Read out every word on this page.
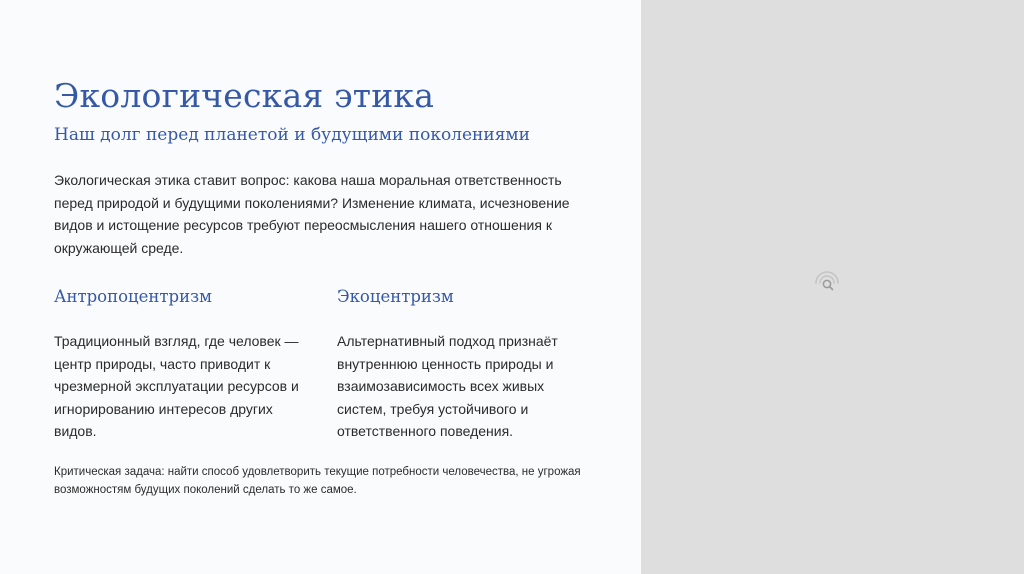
Экологическая этика
Наш долг перед планетой и будущими поколениями

Экологическая этика ставит вопрос: какова наша моральная ответственность перед природой и будущими поколениями? Изменение климата, исчезновение видов и истощение ресурсов требуют переосмысления нашего отношения к окружающей среде.

Антропоцентризм

Традиционный взгляд, где человек — центр природы, часто приводит к чрезмерной эксплуатации ресурсов и игнорированию интересов других видов.

Экоцентризм

Альтернативный подход признаёт внутреннюю ценность природы и взаимозависимость всех живых систем, требуя устойчивого и ответственного поведения.

Критическая задача: найти способ удовлетворить текущие потребности человечества, не угрожая возможностям будущих поколений сделать то же самое.
